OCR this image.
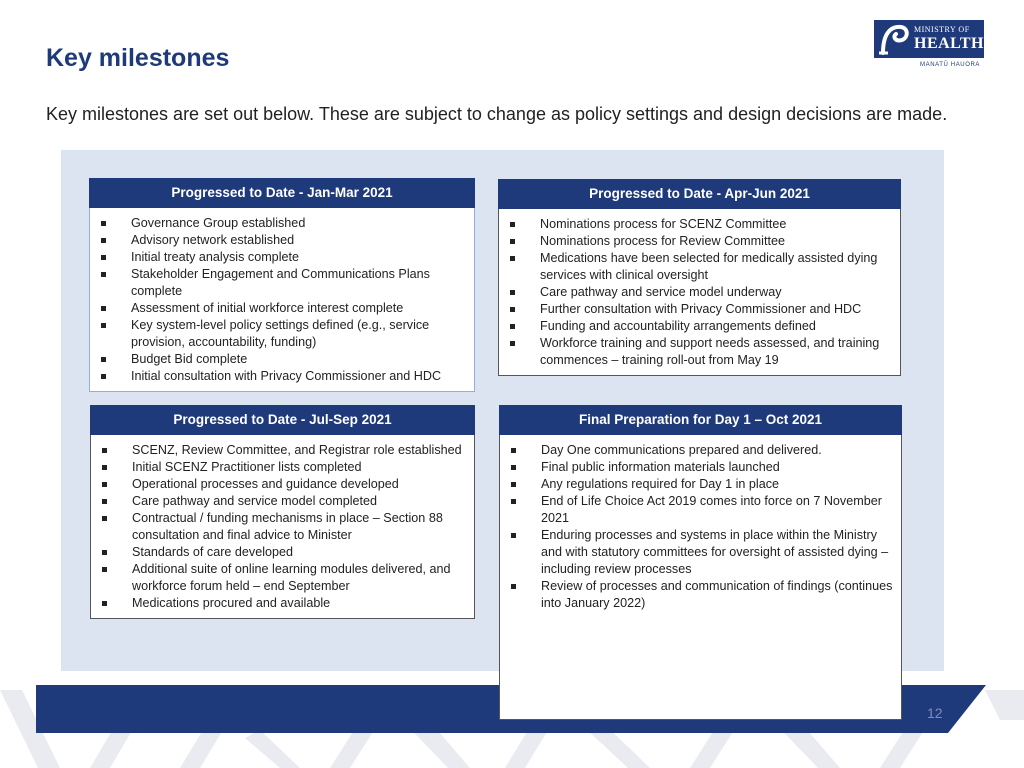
Key milestones

Key milestones are set out below. These are subject to change as policy settings and design decisions are made.

MINISTRY OF
HEALTH
MANATŪ HAUORA
Progressed to Date - Jan-Mar 2021
Governance Group established
Advisory network established
Initial treaty analysis complete
Stakeholder Engagement and Communications Plans complete
Assessment of initial workforce interest complete
Key system-level policy settings defined (e.g., service provision, accountability, funding)
Budget Bid complete
Initial consultation with Privacy Commissioner and HDC
Progressed to Date - Apr-Jun 2021
Nominations process for SCENZ Committee
Nominations process for Review Committee
Medications have been selected for medically assisted dying services with clinical oversight
Care pathway and service model underway
Further consultation with Privacy Commissioner and HDC
Funding and accountability arrangements defined
Workforce training and support needs assessed, and training commences – training roll-out from May 19
Progressed to Date - Jul-Sep 2021
SCENZ, Review Committee, and Registrar role established
Initial SCENZ Practitioner lists completed
Operational processes and guidance developed
Care pathway and service model completed
Contractual / funding mechanisms in place – Section 88 consultation and final advice to Minister
Standards of care developed
Additional suite of online learning modules delivered, and workforce forum held – end September
Medications procured and available
Final Preparation for Day 1 – Oct 2021
Day One communications prepared and delivered.
Final public information materials launched
Any regulations required for Day 1 in place
End of Life Choice Act 2019 comes into force on 7 November 2021
Enduring processes and systems in place within the Ministry and with statutory committees for oversight of assisted dying – including review processes
Review of processes and communication of findings (continues into January 2022)
12
